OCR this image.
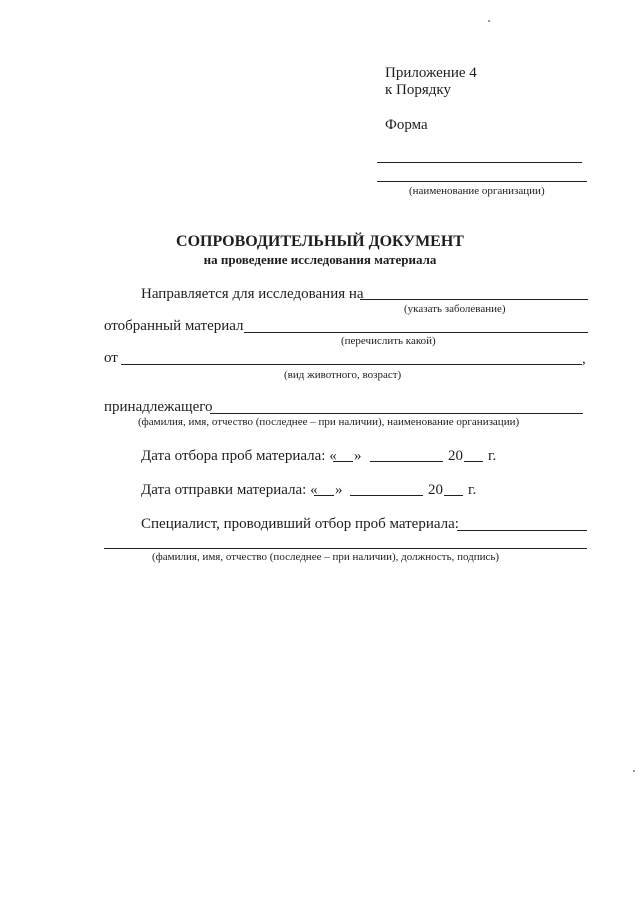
Приложение 4
к Порядку
Форма
(наименование организации)
СОПРОВОДИТЕЛЬНЫЙ ДОКУМЕНТ
на проведение исследования материала
Направляется для исследования на
(указать заболевание)
отобранный материал
(перечислить какой)
от	,
(вид животного, возраст)
принадлежащего
(фамилия, имя, отчество (последнее – при наличии), наименование организации)
Дата отбора проб материала: « »	20 г.
Дата отправки материала: « »	20 г.
Специалист, проводивший отбор проб материала:
(фамилия, имя, отчество (последнее – при наличии), должность, подпись)
